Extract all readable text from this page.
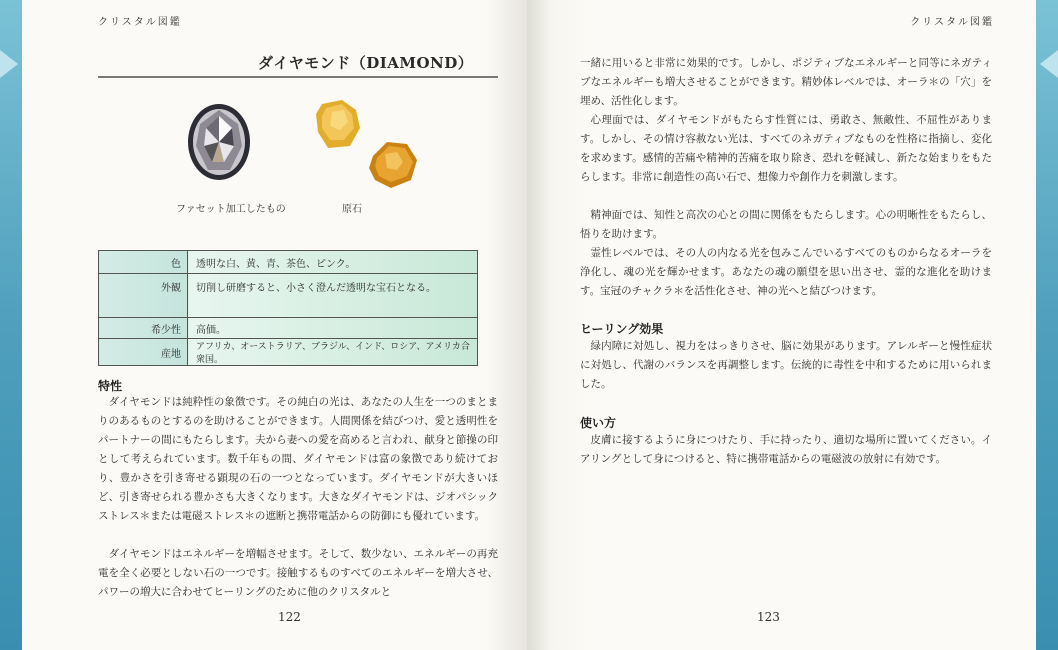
クリスタル図鑑
ダイヤモンド（DIAMOND）
ファセット加工したもの	原石
色	透明な白、黄、青、茶色、ピンク。
外観	切削し研磨すると、小さく澄んだ透明な宝石となる。
希少性	高価。
産地	アフリカ、オーストラリア、ブラジル、インド、ロシア、アメリカ合衆国。
特性
ダイヤモンドは純粋性の象徴です。その純白の光は、あなたの人生を一つのまとまりのあるものとするのを助けることができます。人間関係を結びつけ、愛と透明性をパートナーの間にもたらします。夫から妻への愛を高めると言われ、献身と節操の印として考えられています。数千年もの間、ダイヤモンドは富の象徴であり続けており、豊かさを引き寄せる顕現の石の一つとなっています。ダイヤモンドが大きいほど、引き寄せられる豊かさも大きくなります。大きなダイヤモンドは、ジオパシックストレス＊または電磁ストレス＊の遮断と携帯電話からの防御にも優れています。
ダイヤモンドはエネルギーを増幅させます。そして、数少ない、エネルギーの再充電を全く必要としない石の一つです。接触するものすべてのエネルギーを増大させ、パワーの増大に合わせてヒーリングのために他のクリスタルと
122
クリスタル図鑑
一緒に用いると非常に効果的です。しかし、ポジティブなエネルギーと同等にネガティブなエネルギーも増大させることができます。精妙体レベルでは、オーラ＊の「穴」を埋め、活性化します。
心理面では、ダイヤモンドがもたらす性質には、勇敢さ、無敵性、不屈性があります。しかし、その情け容赦ない光は、すべてのネガティブなものを性格に指摘し、変化を求めます。感情的苦痛や精神的苦痛を取り除き、恐れを軽減し、新たな始まりをもたらします。非常に創造性の高い石で、想像力や創作力を刺激します。
精神面では、知性と高次の心との間に関係をもたらします。心の明晰性をもたらし、悟りを助けます。
霊性レベルでは、その人の内なる光を包みこんでいるすべてのものからなるオーラを浄化し、魂の光を輝かせます。あなたの魂の願望を思い出させ、霊的な進化を助けます。宝冠のチャクラ＊を活性化させ、神の光へと結びつけます。
ヒーリング効果
緑内障に対処し、視力をはっきりさせ、脳に効果があります。アレルギーと慢性症状に対処し、代謝のバランスを再調整します。伝統的に毒性を中和するために用いられました。
使い方
皮膚に接するように身につけたり、手に持ったり、適切な場所に置いてください。イアリングとして身につけると、特に携帯電話からの電磁波の放射に有効です。
123
